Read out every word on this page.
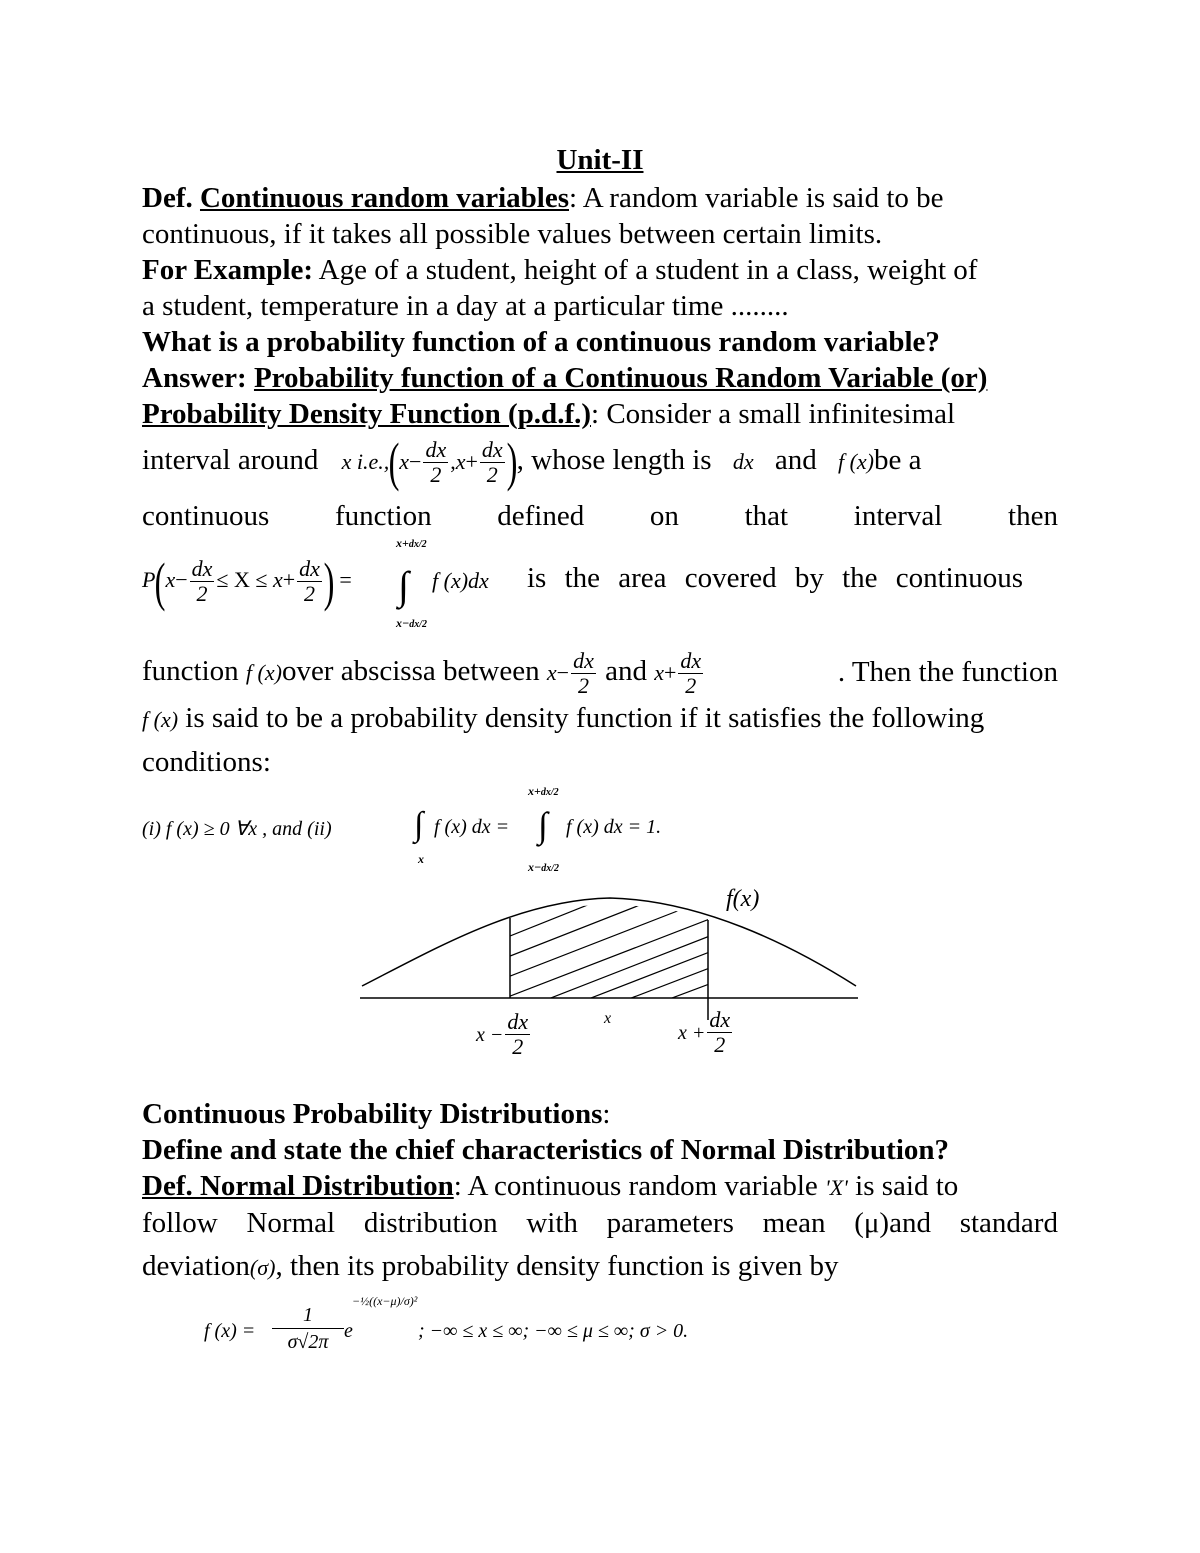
Unit-II
Def. Continuous random variables: A random variable is said to be
continuous, if it takes all possible values between certain limits.
For Example: Age of a student, height of a student in a class, weight of
a student, temperature in a day at a particular time ........
What is a probability function of a continuous random variable?
Answer: Probability function of a Continuous Random Variable (or)
Probability Density Function (p.d.f.): Consider a small infinitesimal
interval around x $i.e.,(x- \frac{dx}{2} ,x+ \frac{dx}{2}$ ), whose length is dx and f (x)be a
continuous function defined on that interval then
$P(x- \frac{dx}{2} \le X \le x+ \frac{dx}{2}$ ) =
x+dx/2
∫
x−dx/2
f (x)dx is the area covered by the continuous
function f (x)over abscissa between $x- \frac{dx}{2}$ and $x+ \frac{dx}{2}$	. Then the function
f (x) is said to be a probability density function if it satisfies the following
conditions:
(i) f (x) ≥ 0 ∀x , and (ii) ∫
x
f (x) dx =
x+dx/2
∫
x−dx/2
f (x) dx = 1.
f(x)
x
$x - \frac{dx}{2}$	$x + \frac{dx}{2}$
Continuous Probability Distributions:
Define and state the chief characteristics of Normal Distribution?
Def. Normal Distribution: A continuous random variable 'X' is said to
follow Normal distribution with parameters mean (μ)and standard
deviation(σ), then its probability density function is given by
f $(x) = \frac{1}{\sigma√2\pi}$ e
−½((x−μ)/σ)²
; −∞ ≤ x ≤ ∞; −∞ ≤ μ ≤ ∞; σ > 0.
